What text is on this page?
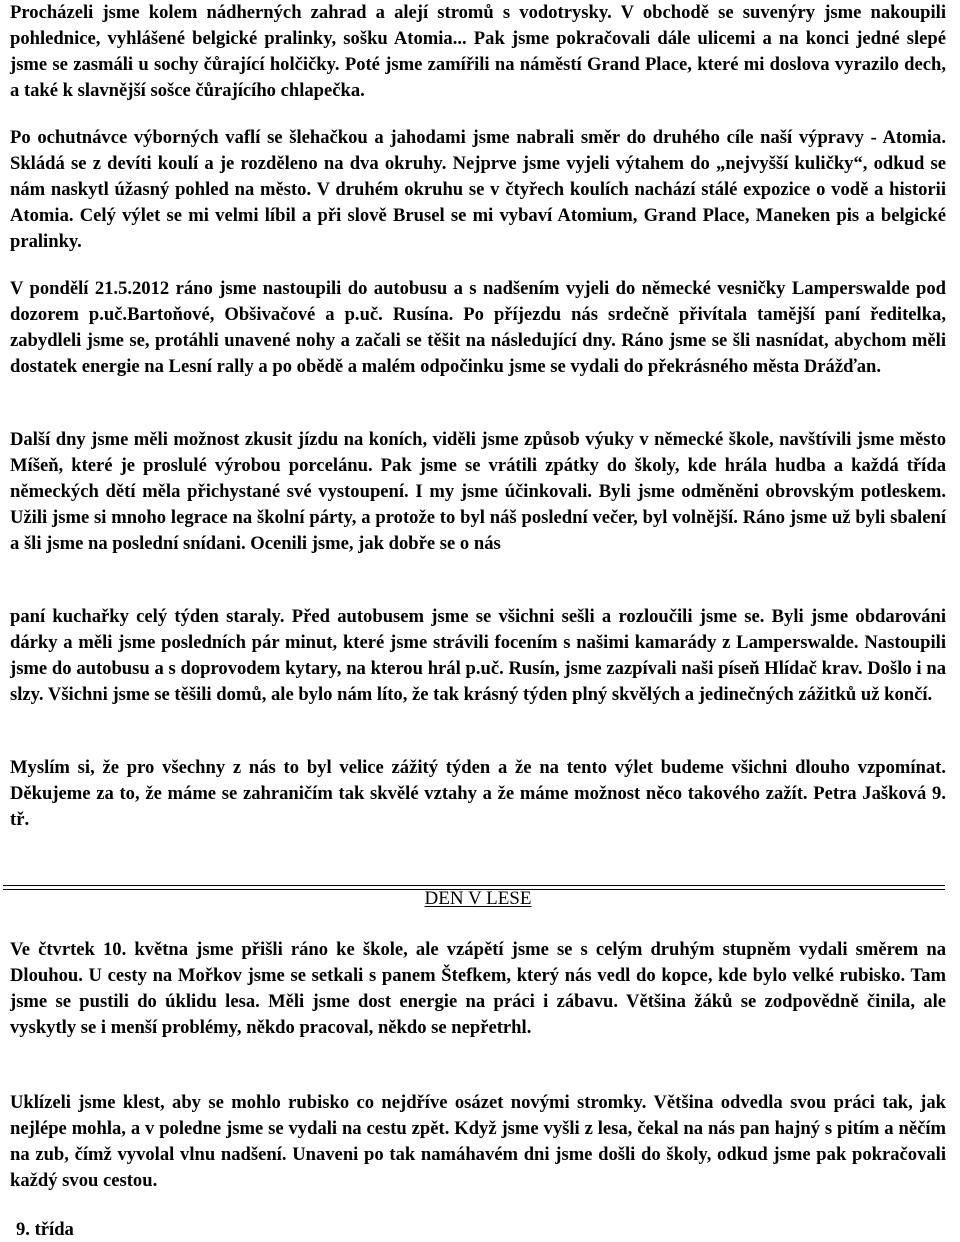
Procházeli jsme kolem nádherných zahrad a alejí stromů s vodotrysky. V obchodě se suvenýry jsme nakoupili pohlednice, vyhlášené belgické pralinky, sošku Atomia... Pak jsme pokračovali dále ulicemi a na konci jedné slepé jsme se zasmáli u sochy čůrající holčičky. Poté jsme zamířili na náměstí Grand Place, které mi doslova vyrazilo dech, a také k slavnější sošce čůrajícího chlapečka.

Po ochutnávce výborných vaflí se šlehačkou a jahodami jsme nabrali směr do druhého cíle naší výpravy - Atomia. Skládá se z devíti koulí a je rozděleno na dva okruhy. Nejprve jsme vyjeli výtahem do „nejvyšší kuličky“, odkud se nám naskytl úžasný pohled na město. V druhém okruhu se v čtyřech koulích nachází stálé expozice o vodě a historii Atomia. Celý výlet se mi velmi líbil a při slově Brusel se mi vybaví Atomium, Grand Place, Maneken pis a belgické pralinky.

V pondělí 21.5.2012 ráno jsme nastoupili do autobusu a s nadšením vyjeli do německé vesničky Lamperswalde pod dozorem p.uč.Bartoňové, Obšivačové a p.uč. Rusína. Po příjezdu nás srdečně přivítala tamější paní ředitelka, zabydleli jsme se, protáhli unavené nohy a začali se těšit na následující dny. Ráno jsme se šli nasnídat, abychom měli dostatek energie na Lesní rally a po obědě a malém odpočinku jsme se vydali do překrásného města Drážďan.

Další dny jsme měli možnost zkusit jízdu na koních, viděli jsme způsob výuky v německé škole, navštívili jsme město Míšeň, které je proslulé výrobou porcelánu. Pak jsme se vrátili zpátky do školy, kde hrála hudba a každá třída německých dětí měla přichystané své vystoupení. I my jsme účinkovali. Byli jsme odměněni obrovským potleskem. Užili jsme si mnoho legrace na školní párty, a protože to byl náš poslední večer, byl volnější. Ráno jsme už byli sbalení a šli jsme na poslední snídani. Ocenili jsme, jak dobře se o nás

paní kuchařky celý týden staraly. Před autobusem jsme se všichni sešli a rozloučili jsme se. Byli jsme obdarováni dárky a měli jsme posledních pár minut, které jsme strávili focením s našimi kamarády z Lamperswalde. Nastoupili jsme do autobusu a s doprovodem kytary, na kterou hrál p.uč. Rusín, jsme zazpívali naši píseň Hlídač krav. Došlo i na slzy. Všichni jsme se těšili domů, ale bylo nám líto, že tak krásný týden plný skvělých a jedinečných zážitků už končí.

Myslím si, že pro všechny z nás to byl velice zážitý týden a že na tento výlet budeme všichni dlouho vzpomínat. Děkujeme za to, že máme se zahraničím tak skvělé vztahy a že máme možnost něco takového zažít. Petra Jašková 9. tř.

DEN V LESE

Ve čtvrtek 10. května jsme přišli ráno ke škole, ale vzápětí jsme se s celým druhým stupněm vydali směrem na Dlouhou. U cesty na Mořkov jsme se setkali s panem Štefkem, který nás vedl do kopce, kde bylo velké rubisko. Tam jsme se pustili do úklidu lesa. Měli jsme dost energie na práci i zábavu. Většina žáků se zodpovědně činila, ale vyskytly se i menší problémy, někdo pracoval, někdo se nepřetrhl.

Uklízeli jsme klest, aby se mohlo rubisko co nejdříve osázet novými stromky. Většina odvedla svou práci tak, jak nejlépe mohla, a v poledne jsme se vydali na cestu zpět. Když jsme vyšli z lesa, čekal na nás pan hajný s pitím a něčím na zub, čímž vyvolal vlnu nadšení. Unaveni po tak namáhavém dni jsme došli do školy, odkud jsme pak pokračovali každý svou cestou.

9. třída
